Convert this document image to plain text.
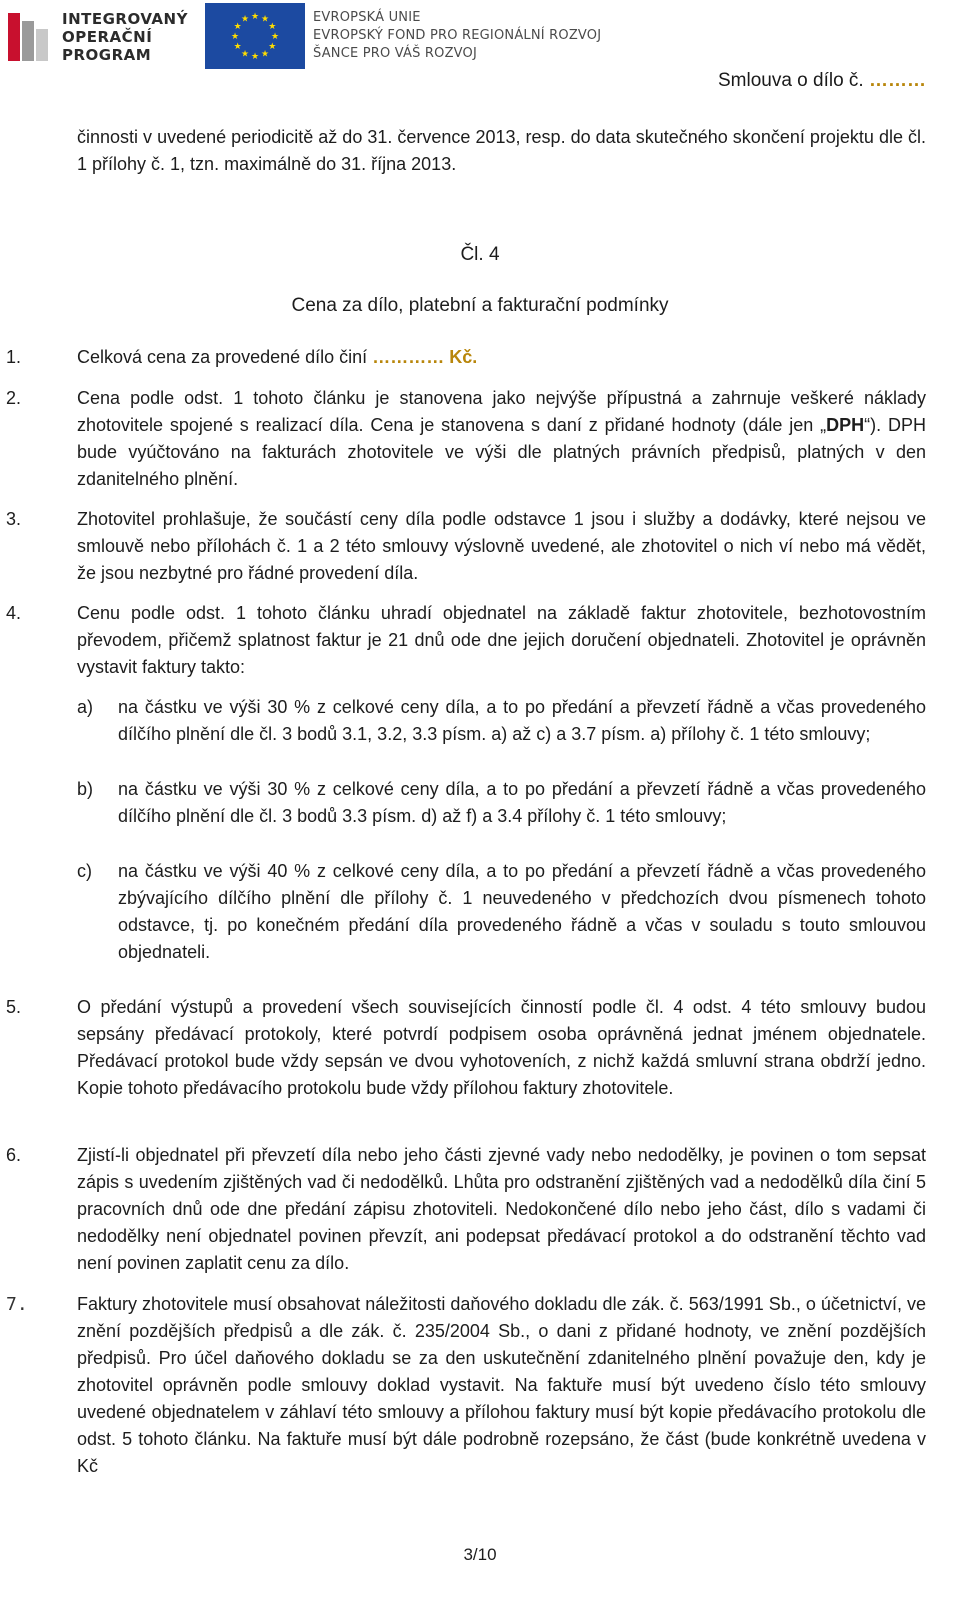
INTEGROVANÝ
OPERAČNÍ
PROGRAM
★
★
★
★
★
★
★
★
★ ★ ★
★
EVROPSKÁ UNIE
EVROPSKÝ FOND PRO REGIONÁLNÍ ROZVOJ
ŠANCE PRO VÁŠ ROZVOJ
Smlouva o dílo č. ………
činnosti v uvedené periodicitě až do 31. července 2013, resp. do data skutečného skončení projektu dle čl. 1 přílohy č. 1, tzn. maximálně do 31. října 2013.
Čl. 4
Cena za dílo, platební a fakturační podmínky
1.	Celková cena za provedené dílo činí ………… Kč.
2.	Cena podle odst. 1 tohoto článku je stanovena jako nejvýše přípustná a zahrnuje veškeré náklady zhotovitele spojené s realizací díla. Cena je stanovena s daní z přidané hodnoty (dále jen „DPH“). DPH bude vyúčtováno na fakturách zhotovitele ve výši dle platných právních předpisů, platných v den zdanitelného plnění.
3.	Zhotovitel prohlašuje, že součástí ceny díla podle odstavce 1 jsou i služby a dodávky, které nejsou ve smlouvě nebo přílohách č. 1 a 2 této smlouvy výslovně uvedené, ale zhotovitel o nich ví nebo má vědět, že jsou nezbytné pro řádné provedení díla.
4.	Cenu podle odst. 1 tohoto článku uhradí objednatel na základě faktur zhotovitele, bezhotovostním převodem, přičemž splatnost faktur je 21 dnů ode dne jejich doručení objednateli. Zhotovitel je oprávněn vystavit faktury takto:
a) na částku ve výši 30 % z celkové ceny díla, a to po předání a převzetí řádně a včas provedeného dílčího plnění dle čl. 3 bodů 3.1, 3.2, 3.3 písm. a) až c) a 3.7 písm. a) přílohy č. 1 této smlouvy;
b) na částku ve výši 30 % z celkové ceny díla, a to po předání a převzetí řádně a včas provedeného dílčího plnění dle čl. 3 bodů 3.3 písm. d) až f) a 3.4 přílohy č. 1 této smlouvy;
c) na částku ve výši 40 % z celkové ceny díla, a to po předání a převzetí řádně a včas provedeného zbývajícího dílčího plnění dle přílohy č. 1 neuvedeného v předchozích dvou písmenech tohoto odstavce, tj. po konečném předání díla provedeného řádně a včas v souladu s touto smlouvou objednateli.
5.	O předání výstupů a provedení všech souvisejících činností podle čl. 4 odst. 4 této smlouvy budou sepsány předávací protokoly, které potvrdí podpisem osoba oprávněná jednat jménem objednatele. Předávací protokol bude vždy sepsán ve dvou vyhotoveních, z nichž každá smluvní strana obdrží jedno. Kopie tohoto předávacího protokolu bude vždy přílohou faktury zhotovitele.
6.	Zjistí-li objednatel při převzetí díla nebo jeho části zjevné vady nebo nedodělky, je povinen o tom sepsat zápis s uvedením zjištěných vad či nedodělků. Lhůta pro odstranění zjištěných vad a nedodělků díla činí 5 pracovních dnů ode dne předání zápisu zhotoviteli. Nedokončené dílo nebo jeho část, dílo s vadami či nedodělky není objednatel povinen převzít, ani podepsat předávací protokol a do odstranění těchto vad není povinen zaplatit cenu za dílo.
7.	Faktury zhotovitele musí obsahovat náležitosti daňového dokladu dle zák. č. 563/1991 Sb., o účetnictví, ve znění pozdějších předpisů a dle zák. č. 235/2004 Sb., o dani z přidané hodnoty, ve znění pozdějších předpisů. Pro účel daňového dokladu se za den uskutečnění zdanitelného plnění považuje den, kdy je zhotovitel oprávněn podle smlouvy doklad vystavit. Na faktuře musí být uvedeno číslo této smlouvy uvedené objednatelem v záhlaví této smlouvy a přílohou faktury musí být kopie předávacího protokolu dle odst. 5 tohoto článku. Na faktuře musí být dále podrobně rozepsáno, že část (bude konkrétně uvedena v Kč
3/10
